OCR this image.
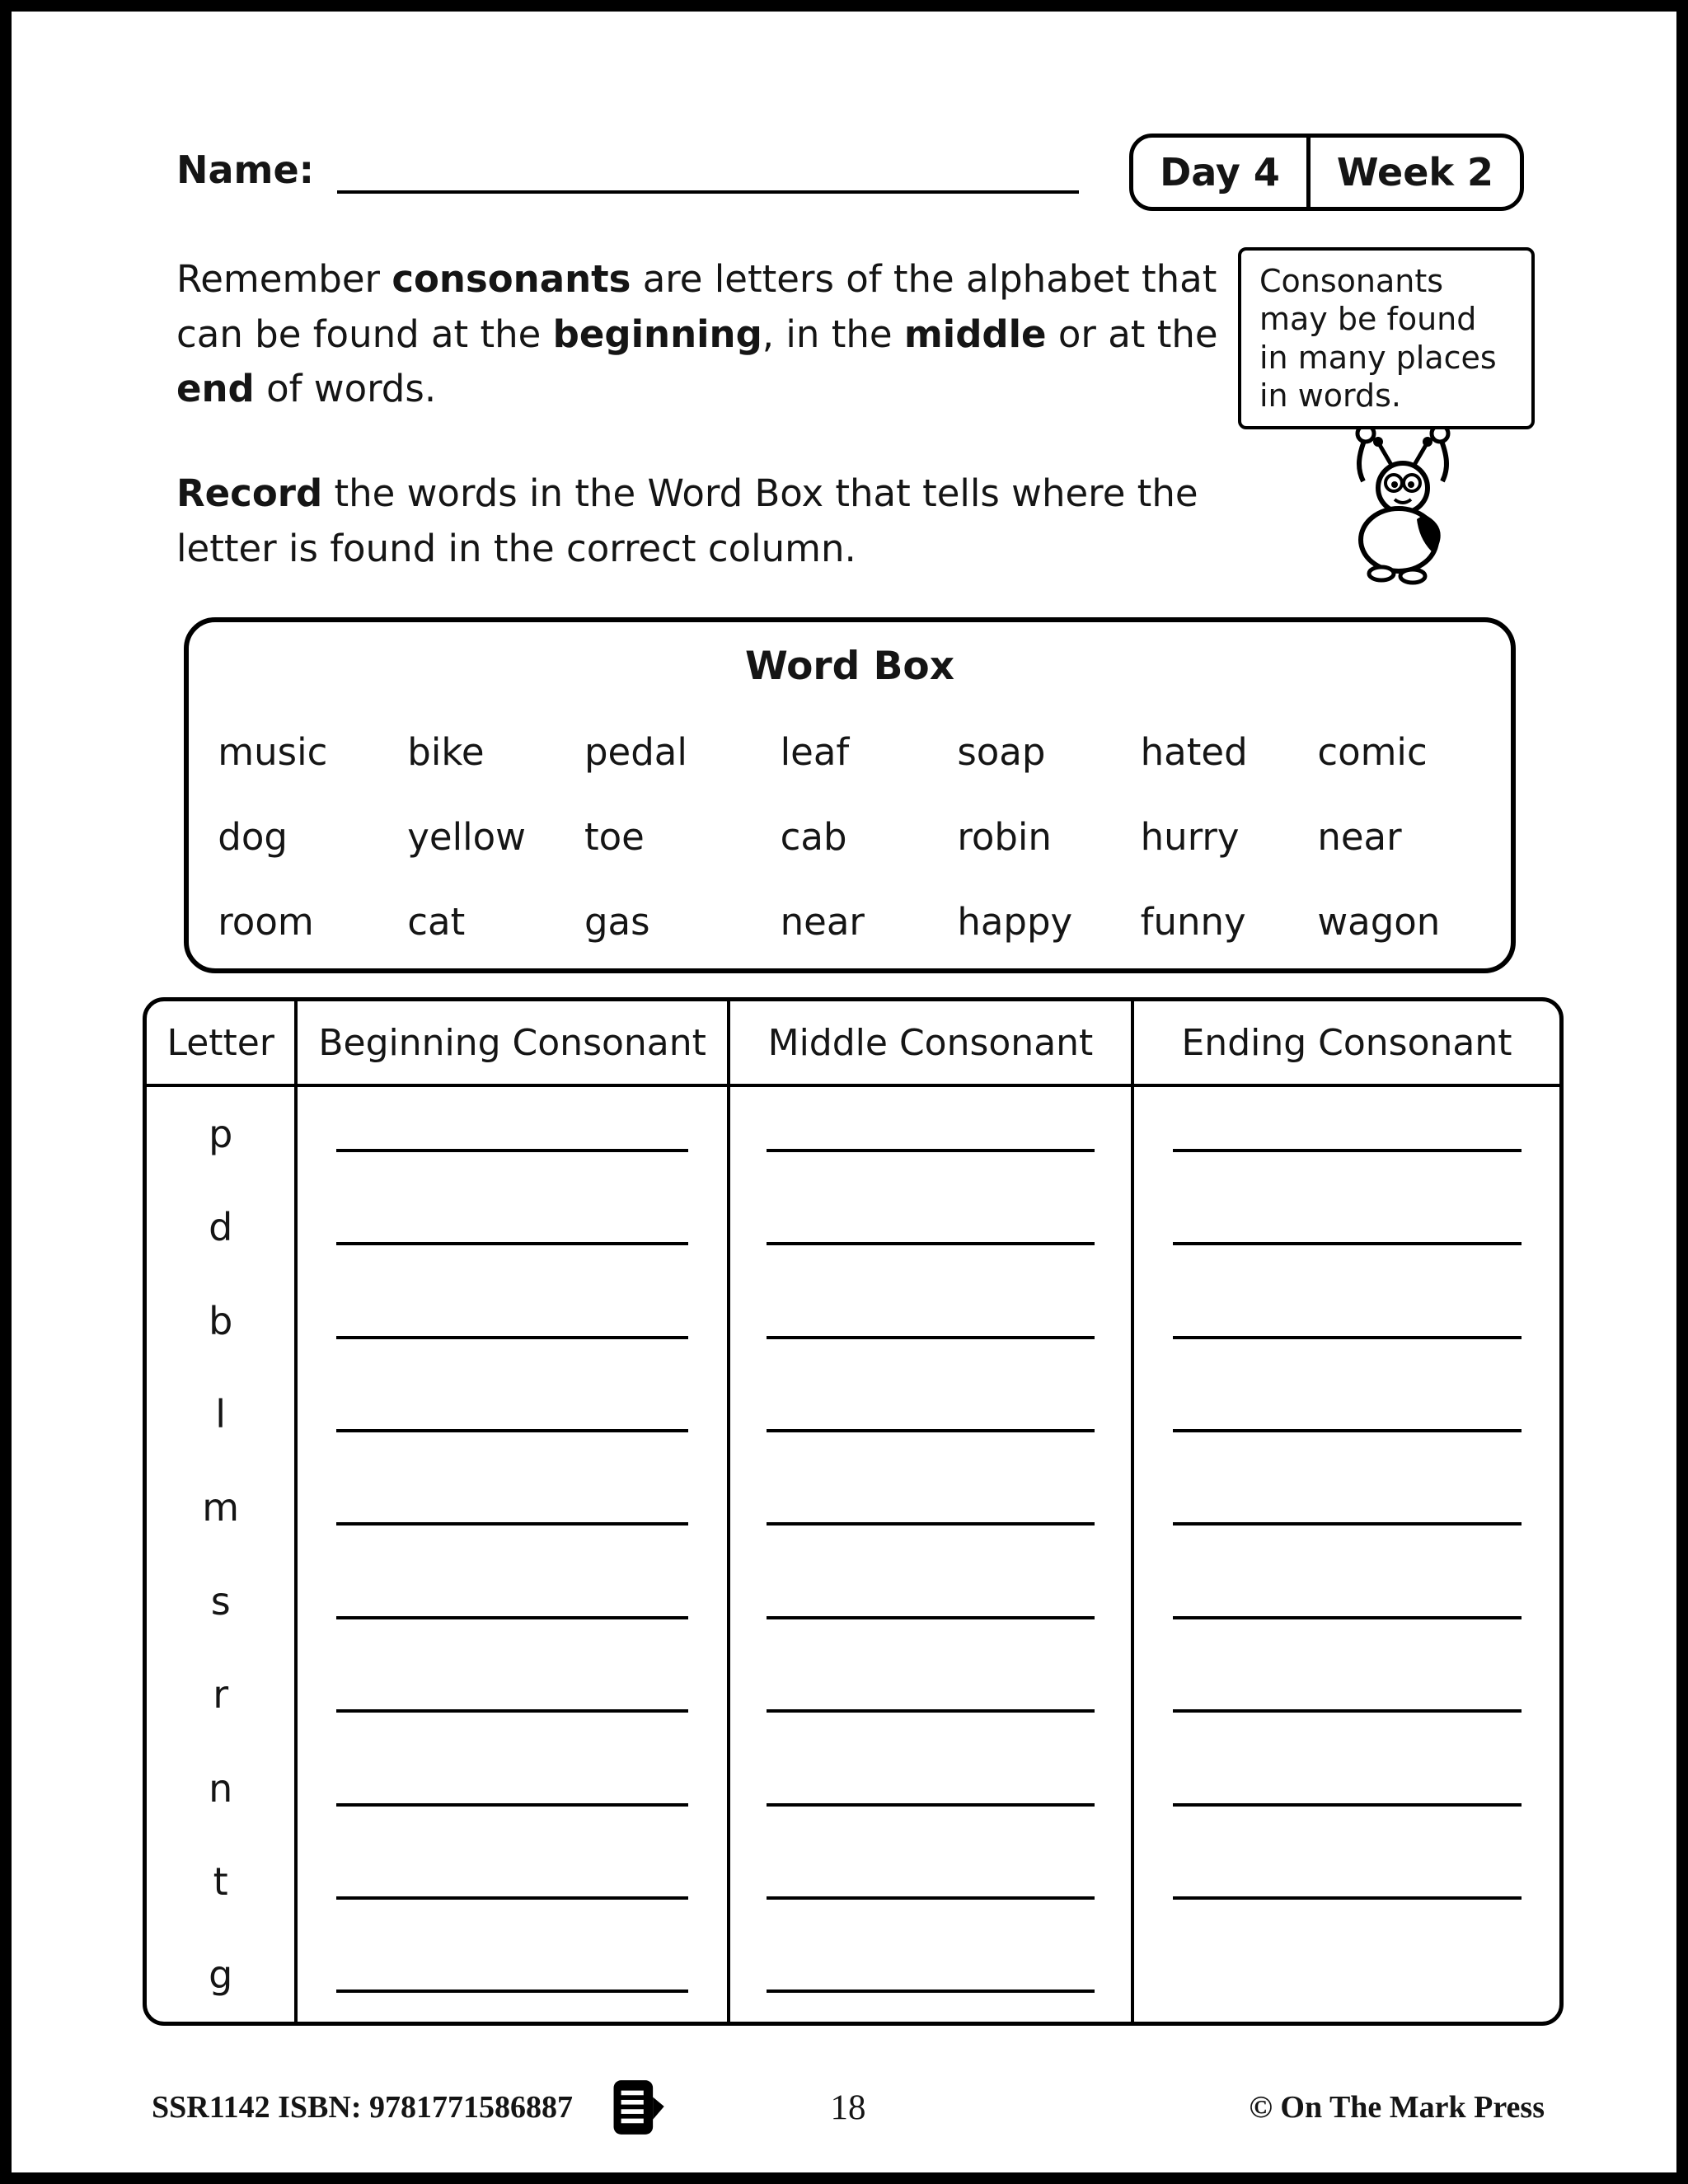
Name:	Day 4	Week 2

Remember consonants are letters of the alphabet that
can be found at the beginning, in the middle or at the
end of words.

Consonants may be found in many places in words.

Record the words in the Word Box that tells where the
letter is found in the correct column.

Word Box
music	bike	pedal	leaf	soap	hated	comic
dog	yellow	toe	cab	robin	hurry	near
room	cat	gas	near	happy	funny	wagon
Letter	Beginning Consonant	Middle Consonant	Ending Consonant
p
d
b
l
m
s
r
n
t
g
SSR1142 ISBN: 9781771586887	18	© On The Mark Press
